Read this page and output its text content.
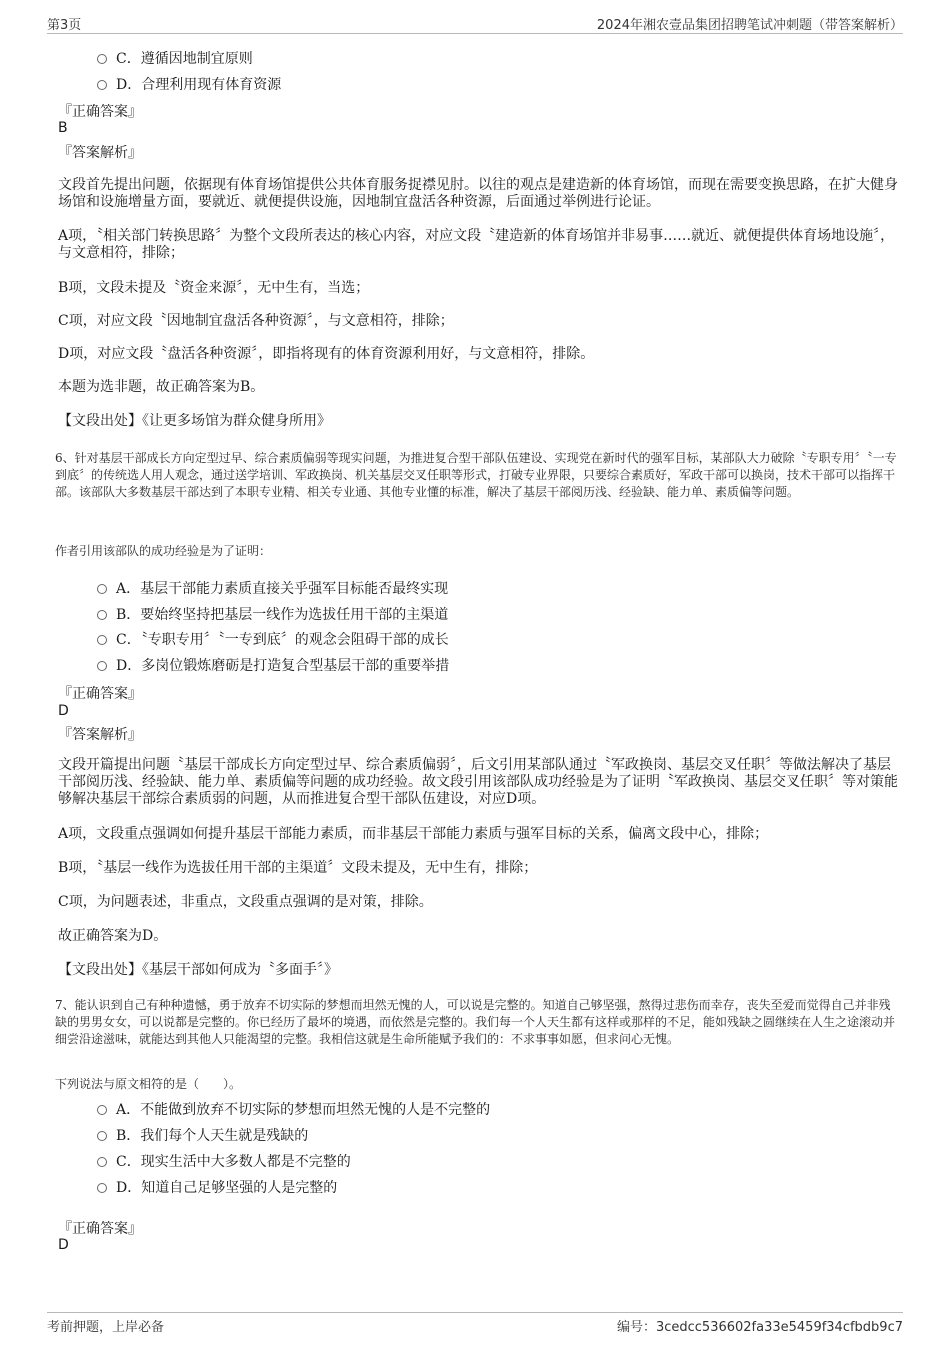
第3页	2024年湘农壹品集团招聘笔试冲刺题（带答案解析）
C．遵循因地制宜原则
D．合理利用现有体育资源
『正确答案』
B
『答案解析』
文段首先提出问题，依据现有体育场馆提供公共体育服务捉襟见肘。以往的观点是建造新的体育场馆，而现在需要变换思路，在扩大健身场馆和设施增量方面，要就近、就便提供设施，因地制宜盘活各种资源，后面通过举例进行论证。
A项，〝相关部门转换思路〞为整个文段所表达的核心内容，对应文段〝建造新的体育场馆并非易事……就近、就便提供体育场地设施〞，与文意相符，排除；
B项，文段未提及〝资金来源〞，无中生有，当选；
C项，对应文段〝因地制宜盘活各种资源〞，与文意相符，排除；
D项，对应文段〝盘活各种资源〞，即指将现有的体育资源利用好，与文意相符，排除。
本题为选非题，故正确答案为B。
【文段出处】《让更多场馆为群众健身所用》
6、针对基层干部成长方向定型过早、综合素质偏弱等现实问题，为推进复合型干部队伍建设、实现党在新时代的强军目标，某部队大力破除〝专职专用〞〝一专到底〞的传统选人用人观念，通过送学培训、军政换岗、机关基层交叉任职等形式，打破专业界限，只要综合素质好，军政干部可以换岗，技术干部可以指挥干部。该部队大多数基层干部达到了本职专业精、相关专业通、其他专业懂的标准，解决了基层干部阅历浅、经验缺、能力单、素质偏等问题。
作者引用该部队的成功经验是为了证明：
A．基层干部能力素质直接关乎强军目标能否最终实现
B．要始终坚持把基层一线作为选拔任用干部的主渠道
C．〝专职专用〞〝一专到底〞的观念会阻碍干部的成长
D．多岗位锻炼磨砺是打造复合型基层干部的重要举措
『正确答案』
D
『答案解析』
文段开篇提出问题〝基层干部成长方向定型过早、综合素质偏弱〞，后文引用某部队通过〝军政换岗、基层交叉任职〞等做法解决了基层干部阅历浅、经验缺、能力单、素质偏等问题的成功经验。故文段引用该部队成功经验是为了证明〝军政换岗、基层交叉任职〞等对策能够解决基层干部综合素质弱的问题，从而推进复合型干部队伍建设，对应D项。
A项，文段重点强调如何提升基层干部能力素质，而非基层干部能力素质与强军目标的关系，偏离文段中心，排除；
B项，〝基层一线作为选拔任用干部的主渠道〞文段未提及，无中生有，排除；
C项，为问题表述，非重点，文段重点强调的是对策，排除。
故正确答案为D。
【文段出处】《基层干部如何成为〝多面手〞》
7、能认识到自己有种种遗憾，勇于放弃不切实际的梦想而坦然无愧的人，可以说是完整的。知道自己够坚强，熬得过悲伤而幸存，丧失至爱而觉得自己并非残缺的男男女女，可以说都是完整的。你已经历了最坏的境遇，而依然是完整的。我们每一个人天生都有这样或那样的不足，能如残缺之圆继续在人生之途滚动并细尝沿途滋味，就能达到其他人只能渴望的完整。我相信这就是生命所能赋予我们的：不求事事如愿，但求问心无愧。
下列说法与原文相符的是（　　）。
A．不能做到放弃不切实际的梦想而坦然无愧的人是不完整的
B．我们每个人天生就是残缺的
C．现实生活中大多数人都是不完整的
D．知道自己足够坚强的人是完整的
『正确答案』
D
考前押题，上岸必备	编号：3cedcc536602fa33e5459f34cfbdb9c7
